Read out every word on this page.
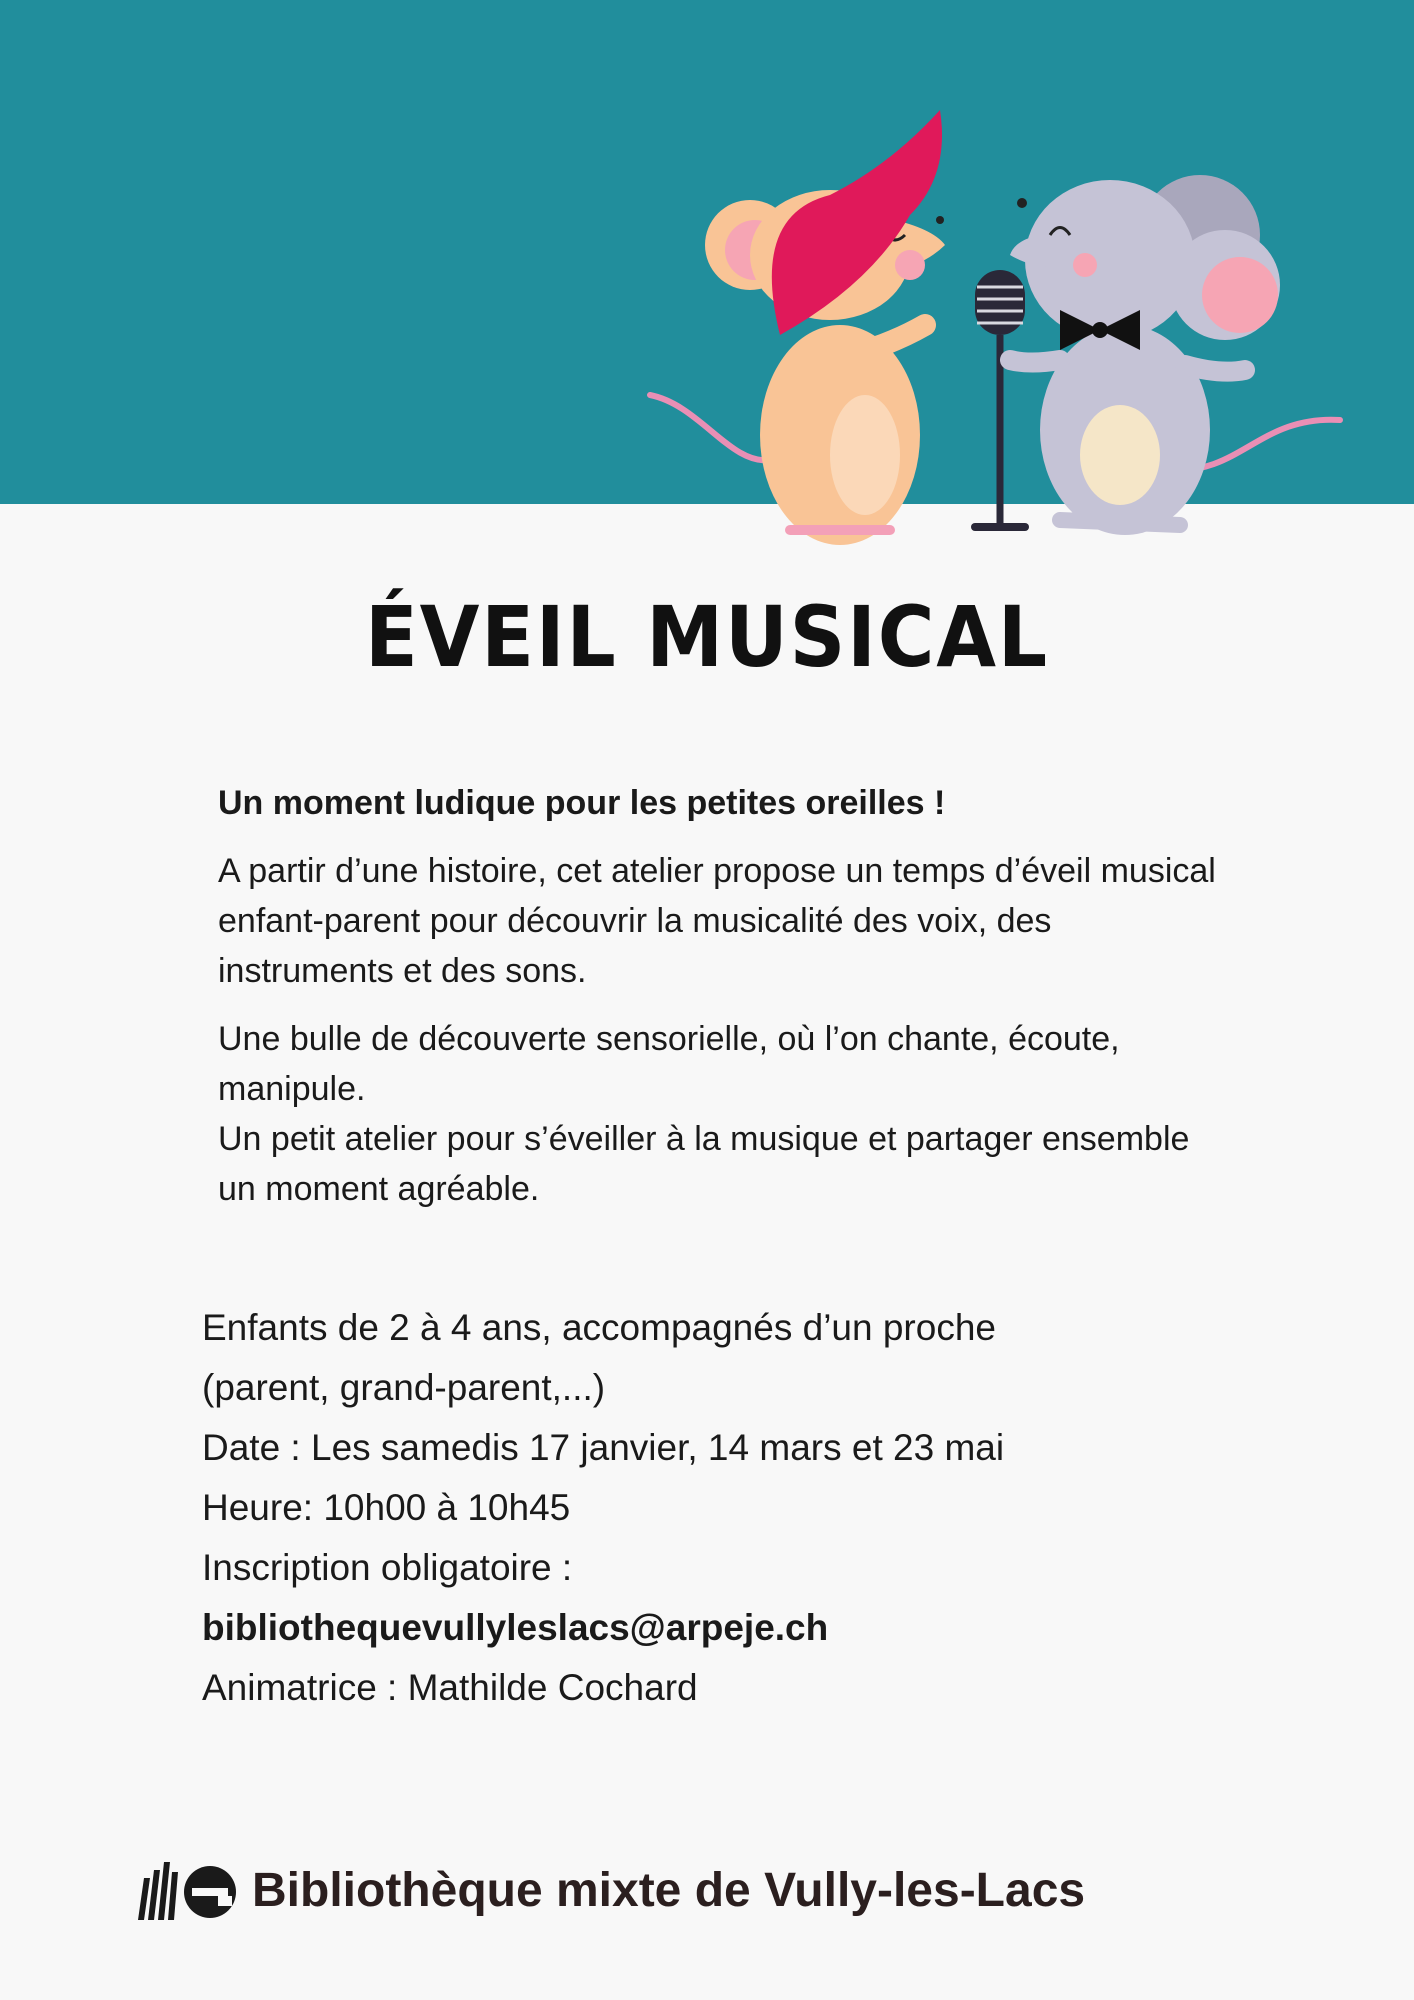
ÉVEIL MUSICAL

Un moment ludique pour les petites oreilles !

A partir d’une histoire, cet atelier propose un temps d’éveil musical enfant-parent pour découvrir la musicalité des voix, des instruments et des sons.

Une bulle de découverte sensorielle, où l’on chante, écoute, manipule.

Un petit atelier pour s’éveiller à la musique et partager ensemble un moment agréable.

Enfants de 2 à 4 ans, accompagnés d’un proche
(parent, grand-parent,...)
Date : Les samedis 17 janvier, 14 mars et 23 mai
Heure: 10h00 à 10h45
Inscription obligatoire :
bibliothequevullyleslacs@arpeje.ch
Animatrice : Mathilde Cochard
Bibliothèque mixte de Vully-les-Lacs
